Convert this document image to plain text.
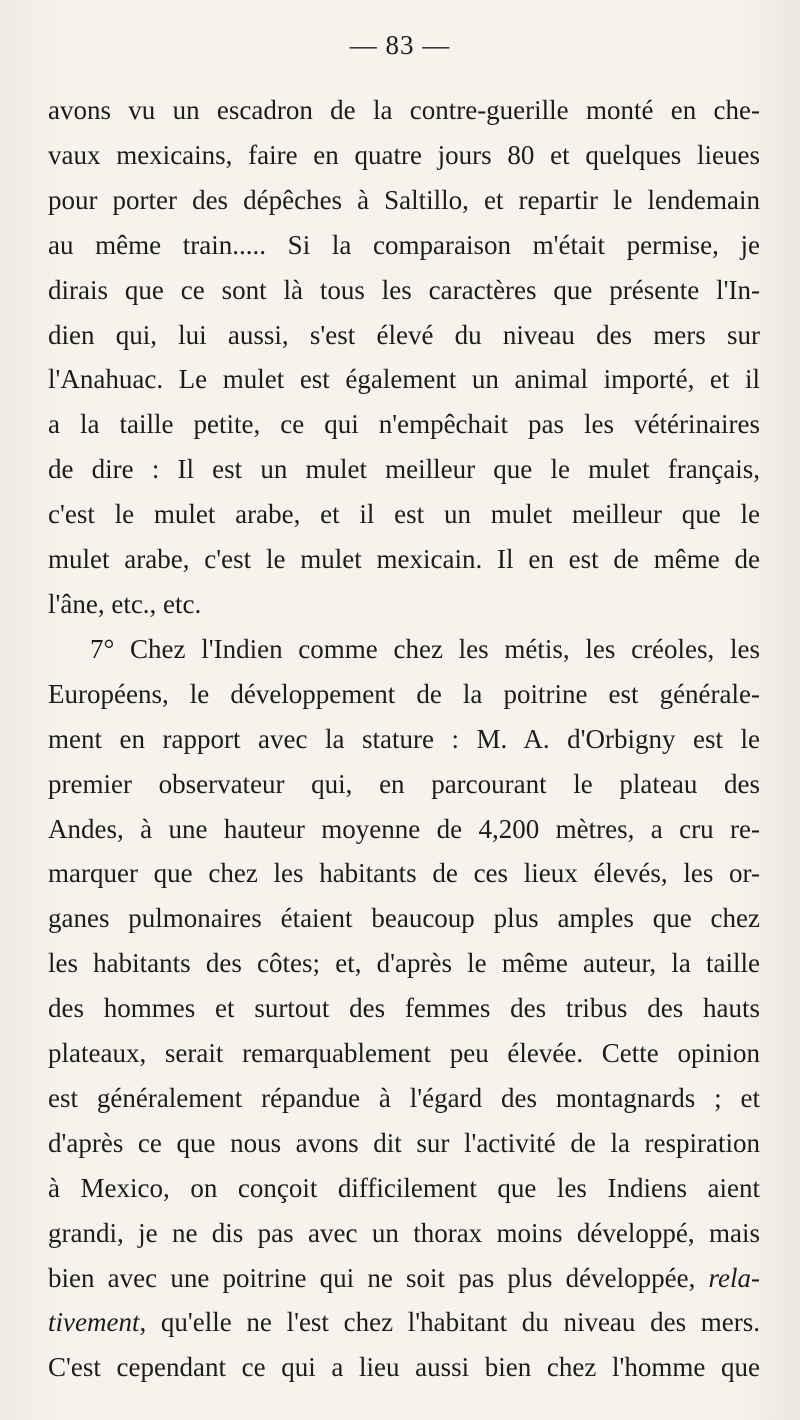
— 83 —
avons vu un escadron de la contre-guerille monté en che-
vaux mexicains, faire en quatre jours 80 et quelques lieues
pour porter des dépêches à Saltillo, et repartir le lendemain
au même train..... Si la comparaison m'était permise, je
dirais que ce sont là tous les caractères que présente l'In-
dien qui, lui aussi, s'est élevé du niveau des mers sur
l'Anahuac. Le mulet est également un animal importé, et il
a la taille petite, ce qui n'empêchait pas les vétérinaires
de dire : Il est un mulet meilleur que le mulet français,
c'est le mulet arabe, et il est un mulet meilleur que le
mulet arabe, c'est le mulet mexicain. Il en est de même de
l'âne, etc., etc.
7° Chez l'Indien comme chez les métis, les créoles, les
Européens, le développement de la poitrine est générale-
ment en rapport avec la stature : M. A. d'Orbigny est le
premier observateur qui, en parcourant le plateau des
Andes, à une hauteur moyenne de 4,200 mètres, a cru re-
marquer que chez les habitants de ces lieux élevés, les or-
ganes pulmonaires étaient beaucoup plus amples que chez
les habitants des côtes; et, d'après le même auteur, la taille
des hommes et surtout des femmes des tribus des hauts
plateaux, serait remarquablement peu élevée. Cette opinion
est généralement répandue à l'égard des montagnards ; et
d'après ce que nous avons dit sur l'activité de la respiration
à Mexico, on conçoit difficilement que les Indiens aient
grandi, je ne dis pas avec un thorax moins développé, mais
bien avec une poitrine qui ne soit pas plus développée, rela-
tivement, qu'elle ne l'est chez l'habitant du niveau des mers.
C'est cependant ce qui a lieu aussi bien chez l'homme que
